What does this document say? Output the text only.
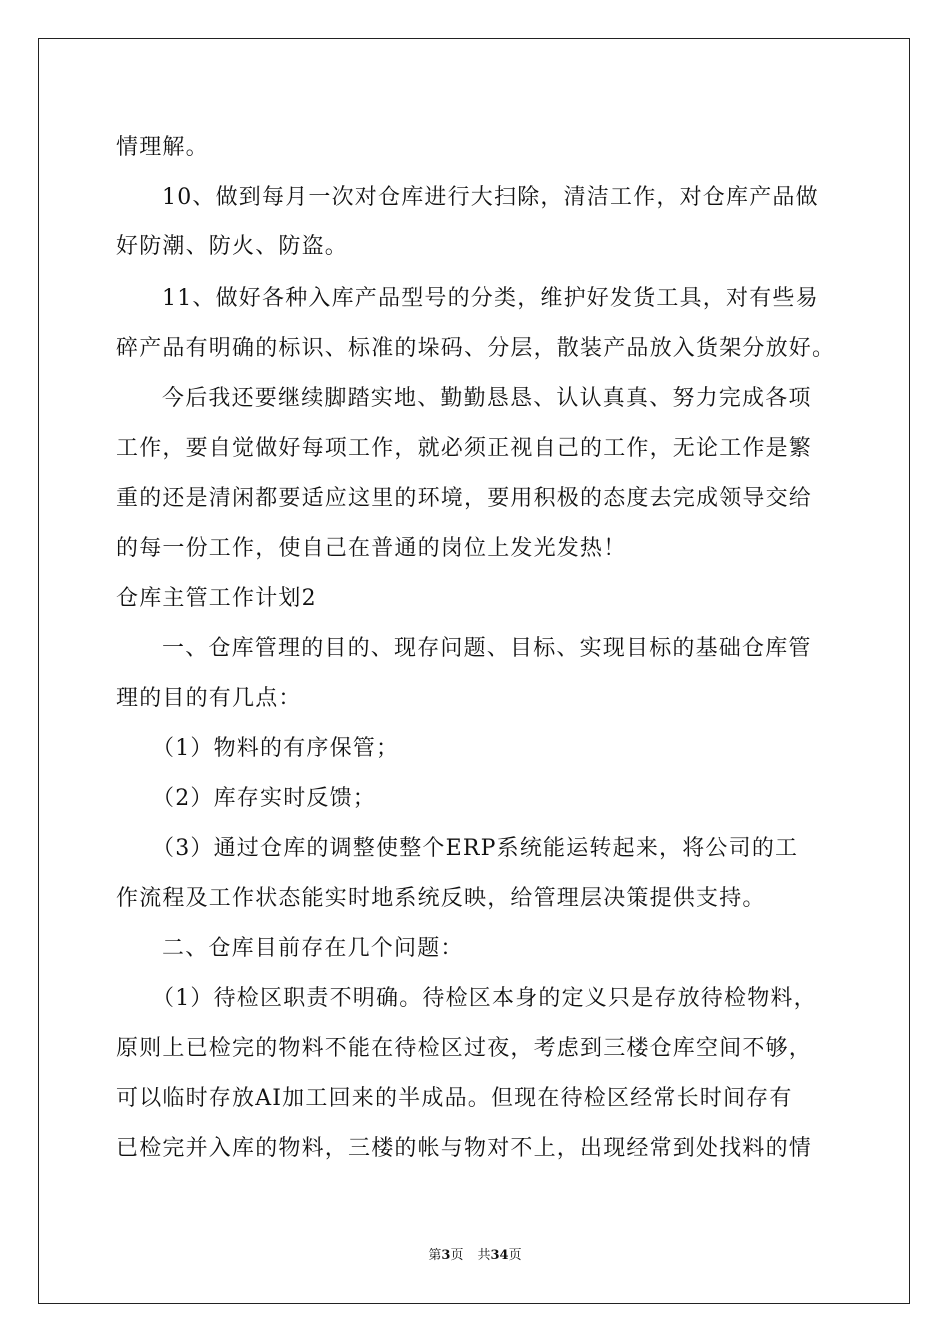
情理解。
10、做到每月一次对仓库进行大扫除，清洁工作，对仓库产品做
好防潮、防火、防盗。
11、做好各种入库产品型号的分类，维护好发货工具，对有些易
碎产品有明确的标识、标准的垛码、分层，散装产品放入货架分放好。
今后我还要继续脚踏实地、勤勤恳恳、认认真真、努力完成各项
工作，要自觉做好每项工作，就必须正视自己的工作，无论工作是繁
重的还是清闲都要适应这里的环境，要用积极的态度去完成领导交给
的每一份工作，使自己在普通的岗位上发光发热！
仓库主管工作计划2
一、仓库管理的目的、现存问题、目标、实现目标的基础仓库管
理的目的有几点：
（1）物料的有序保管；
（2）库存实时反馈；
（3）通过仓库的调整使整个ERP系统能运转起来，将公司的工
作流程及工作状态能实时地系统反映，给管理层决策提供支持。
二、仓库目前存在几个问题：
（1）待检区职责不明确。待检区本身的定义只是存放待检物料，
原则上已检完的物料不能在待检区过夜，考虑到三楼仓库空间不够，
可以临时存放AI加工回来的半成品。但现在待检区经常长时间存有
已检完并入库的物料，三楼的帐与物对不上，出现经常到处找料的情
第3页 共34页
